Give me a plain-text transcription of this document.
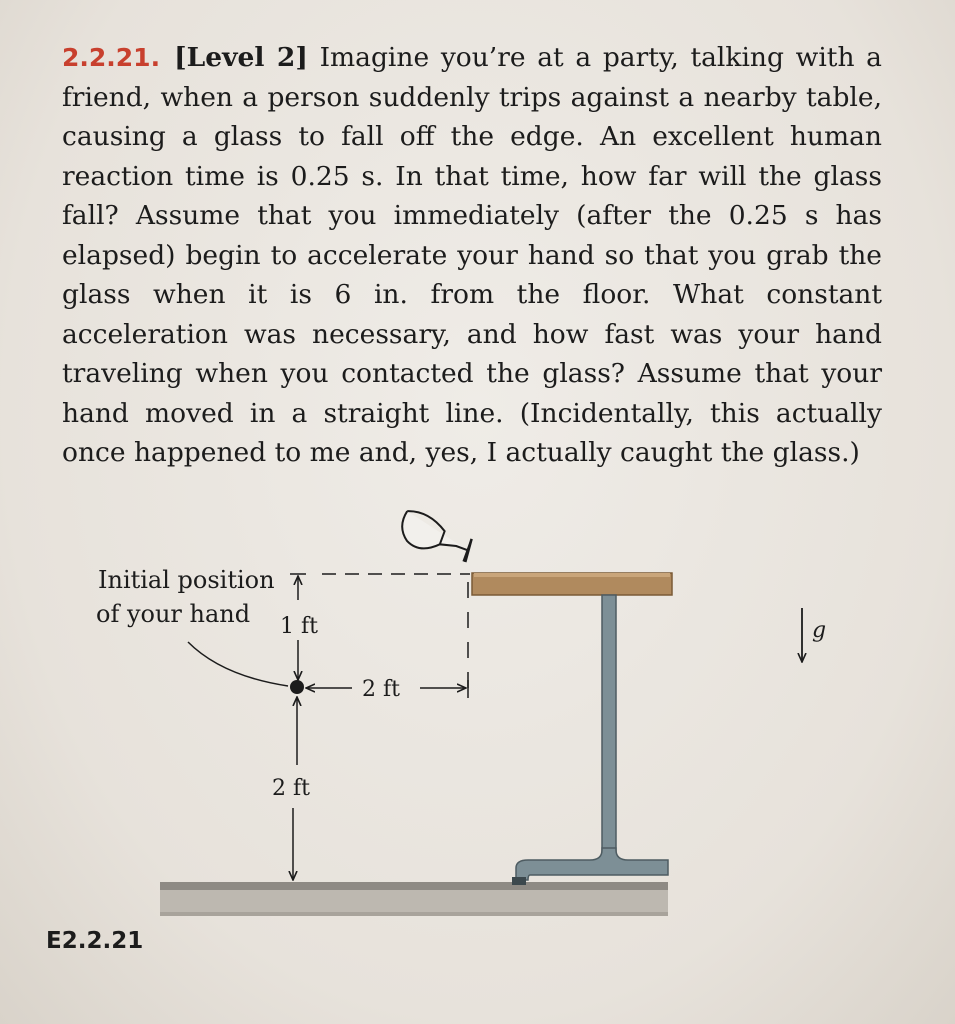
2.2.21. [Level 2] Imagine you’re at a party, talking with a friend, when a person suddenly trips against a nearby table, causing a glass to fall off the edge. An excellent human reaction time is 0.25 s. In that time, how far will the glass fall? Assume that you immediately (after the 0.25 s has elapsed) begin to accelerate your hand so that you grab the glass when it is 6 in. from the floor. What constant acceleration was necessary, and how fast was your hand traveling when you contacted the glass? Assume that your hand moved in a straight line. (Incidentally, this actually once happened to me and, yes, I actually caught the glass.)
1 ft
2 ft
2 ft
Initial position
of your hand
g
E2.2.21
